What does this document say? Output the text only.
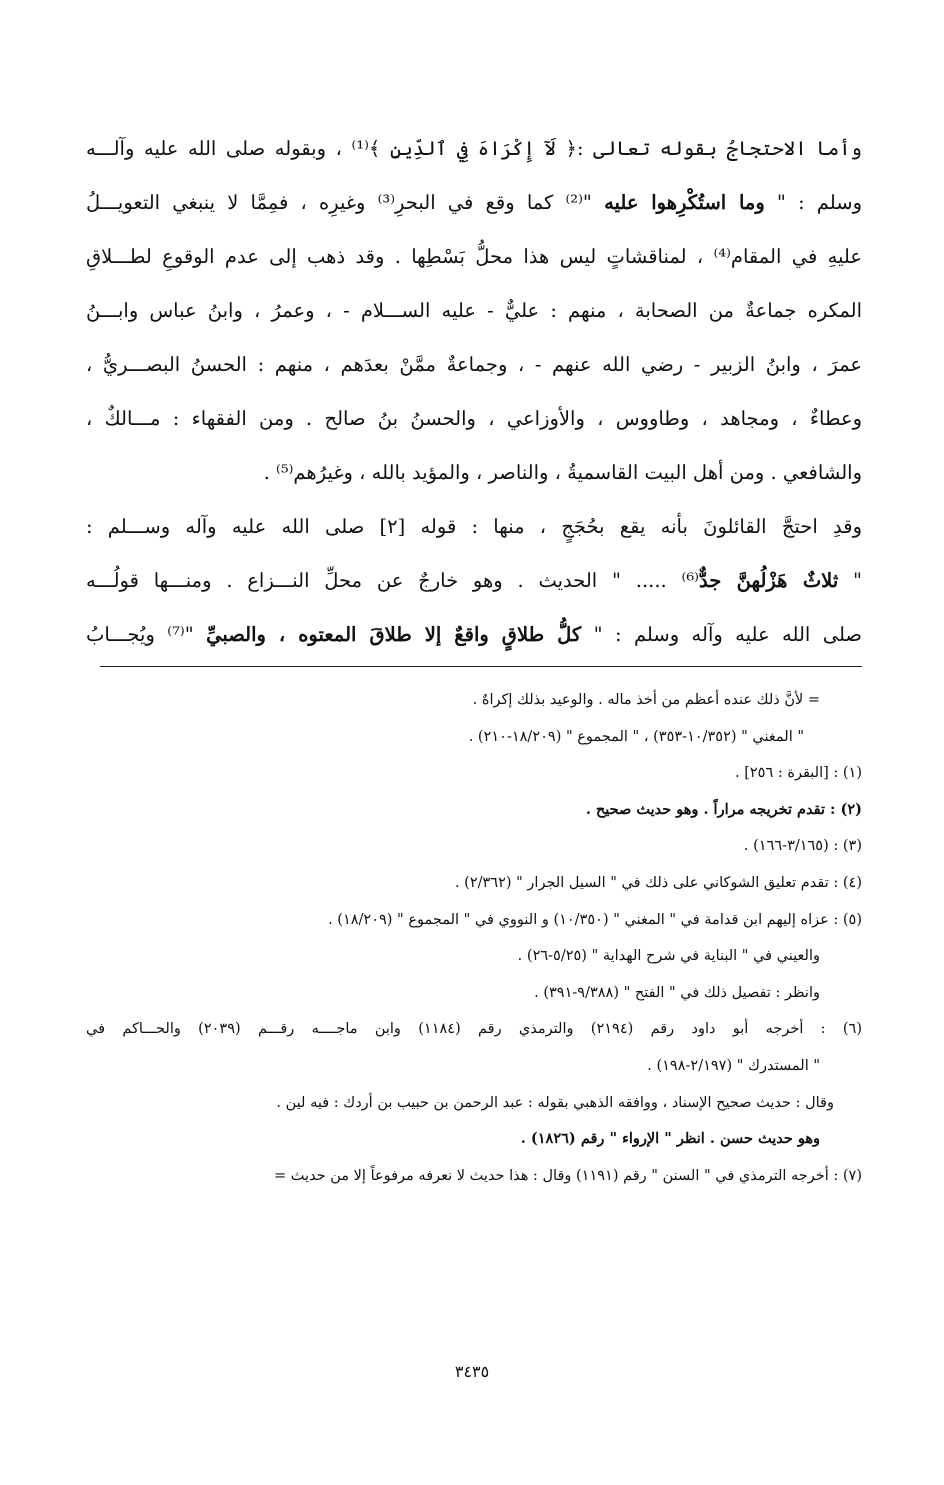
وأما الاحتجاجُ بقوله تعالى :﴿ لَآ إِكْرَاهَ فِي ٱلدِّينِ ﴾⁽¹⁾ ، وبقوله صلى الله عليه وآلـــه
وسلم : " وما استُكْرِهوا عليه "⁽²⁾ كما وقع في البحرِ⁽³⁾ وغيرِه ، فمِمَّا لا ينبغي التعويـــلُ
عليهِ في المقام⁽⁴⁾ ، لمناقشاتٍ ليس هذا محلُّ بَسْطِها . وقد ذهب إلى عدم الوقوعِ لطـــلاقِ
المكره جماعةٌ من الصحابة ، منهم : عليٌّ - عليه الســـلام - ، وعمرُ ، وابنُ عباس وابـــنُ
عمرَ ، وابنُ الزبير - رضي الله عنهم - ، وجماعةٌ ممَّنْ بعدَهم ، منهم : الحسنُ البصـــريُّ ،
وعطاءٌ ، ومجاهد ، وطاووس ، والأوزاعي ، والحسنُ بنُ صالح . ومن الفقهاء : مـــالكٌ ،
والشافعي . ومن أهل البيت القاسميةُ ، والناصر ، والمؤيد بالله ، وغيرُهم⁽⁵⁾ .
وقدِ احتجَّ القائلونَ بأنه يقع بحُجَجٍ ، منها : قوله [٢] صلى الله عليه وآله وســـلم :
" ثلاثٌ هَزْلُهنَّ جدٌّ⁽⁶⁾ ..... " الحديث . وهو خارجٌ عن محلِّ النـــزاع . ومنـــها قولُـــه
صلى الله عليه وآله وسلم : " كلُّ طلاقٍ واقعٌ إلا طلاقَ المعتوه ، والصبيِّ "⁽⁷⁾ ويُجـــابُ
= لأنَّ ذلك عنده أعظم من أخذ ماله . والوعيد بذلك إكراهٌ .
" المغني " (١٠/٣٥٢-٣٥٣) ، " المجموع " (١٨/٢٠٩-٢١٠) .
(١) : [البقرة : ٢٥٦] .
(٢) : تقدم تخريجه مراراً . وهو حديث صحيح .
(٣) : (٣/١٦٥-١٦٦) .
(٤) : تقدم تعليق الشوكاني على ذلك في " السيل الجرار " (٢/٣٦٢) .
(٥) : عزاه إليهم ابن قدامة في " المغني " (١٠/٣٥٠) و النووي في " المجموع " (١٨/٢٠٩) .
والعيني في " البناية في شرح الهداية " (٥/٢٥-٢٦) .
وانظر : تفصيل ذلك في " الفتح " (٩/٣٨٨-٣٩١) .
(٦) : أخرجه أبو داود رقم (٢١٩٤) والترمذي رقم (١١٨٤) وابن ماجــــه رقـــم (٢٠٣٩) والحـــاكم في
" المستدرك " (٢/١٩٧-١٩٨) .
وقال : حديث صحيح الإسناد ، ووافقه الذهبي بقوله : عبد الرحمن بن حبيب بن أردك : فيه لين .
وهو حديث حسن . انظر " الإرواء " رقم (١٨٢٦) .
(٧) : أخرجه الترمذي في " السنن " رقم (١١٩١) وقال : هذا حديث لا نعرفه مرفوعاً إلا من حديث =
٣٤٣٥
